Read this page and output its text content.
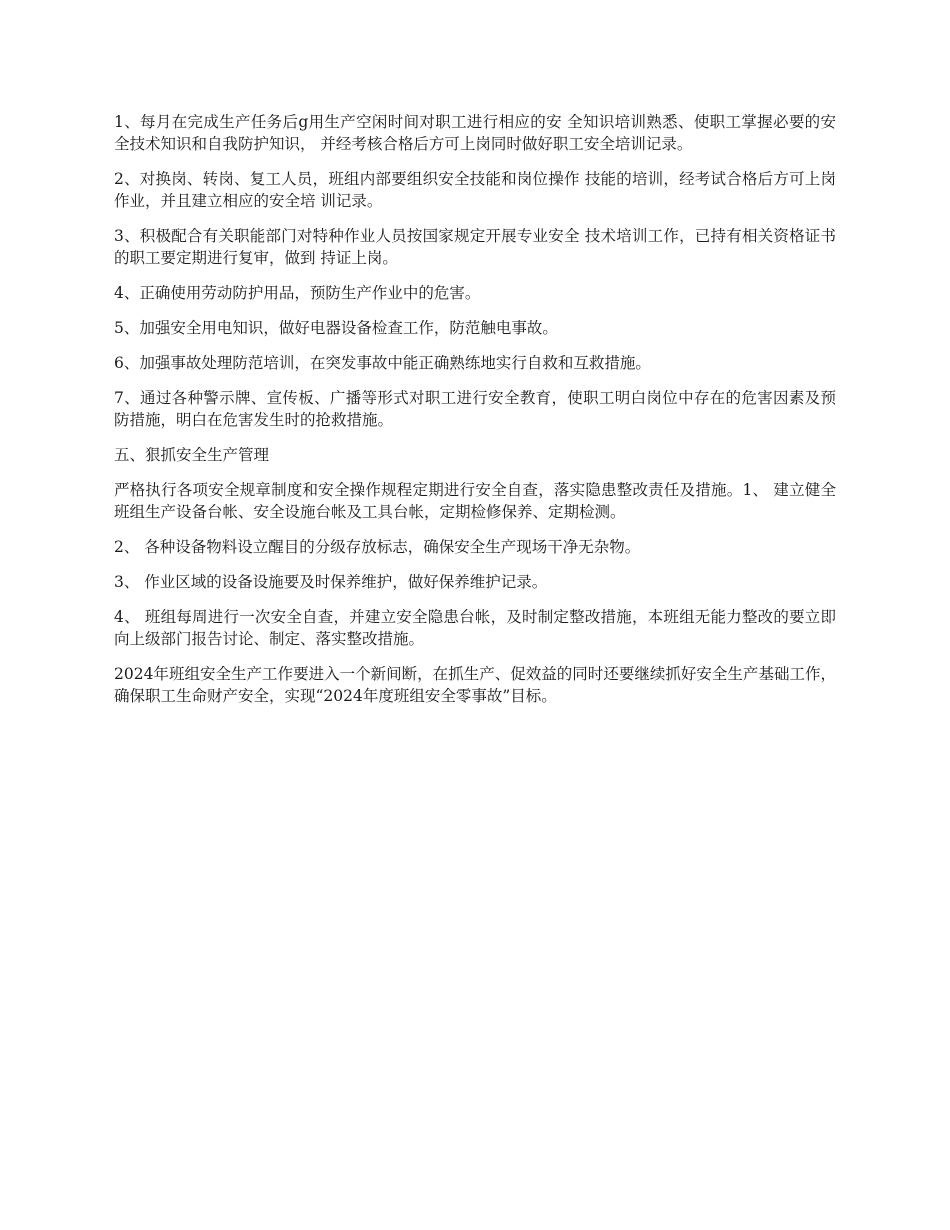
1、每月在完成生产任务后g用生产空闲时间对职工进行相应的安 全知识培训熟悉、使职工掌握必要的安全技术知识和自我防护知识， 并经考核合格后方可上岗同时做好职工安全培训记录。

2、对换岗、转岗、复工人员，班组内部要组织安全技能和岗位操作 技能的培训，经考试合格后方可上岗作业，并且建立相应的安全培 训记录。

3、积极配合有关职能部门对特种作业人员按国家规定开展专业安全 技术培训工作，已持有相关资格证书的职工要定期进行复审，做到 持证上岗。

4、正确使用劳动防护用品，预防生产作业中的危害。

5、加强安全用电知识，做好电器设备检查工作，防范触电事故。

6、加强事故处理防范培训，在突发事故中能正确熟练地实行自救和互救措施。

7、通过各种警示牌、宣传板、广播等形式对职工进行安全教育，使职工明白岗位中存在的危害因素及预防措施，明白在危害发生时的抢救措施。

五、狠抓安全生产管理

严格执行各项安全规章制度和安全操作规程定期进行安全自查，落实隐患整改责任及措施。1、 建立健全班组生产设备台帐、安全设施台帐及工具台帐，定期检修保养、定期检测。

2、 各种设备物料设立醒目的分级存放标志，确保安全生产现场干净无杂物。

3、 作业区域的设备设施要及时保养维护，做好保养维护记录。

4、 班组每周进行一次安全自查，并建立安全隐患台帐，及时制定整改措施，本班组无能力整改的要立即向上级部门报告讨论、制定、落实整改措施。

2024年班组安全生产工作要进入一个新间断，在抓生产、促效益的同时还要继续抓好安全生产基础工作，确保职工生命财产安全，实现“2024年度班组安全零事故”目标。
